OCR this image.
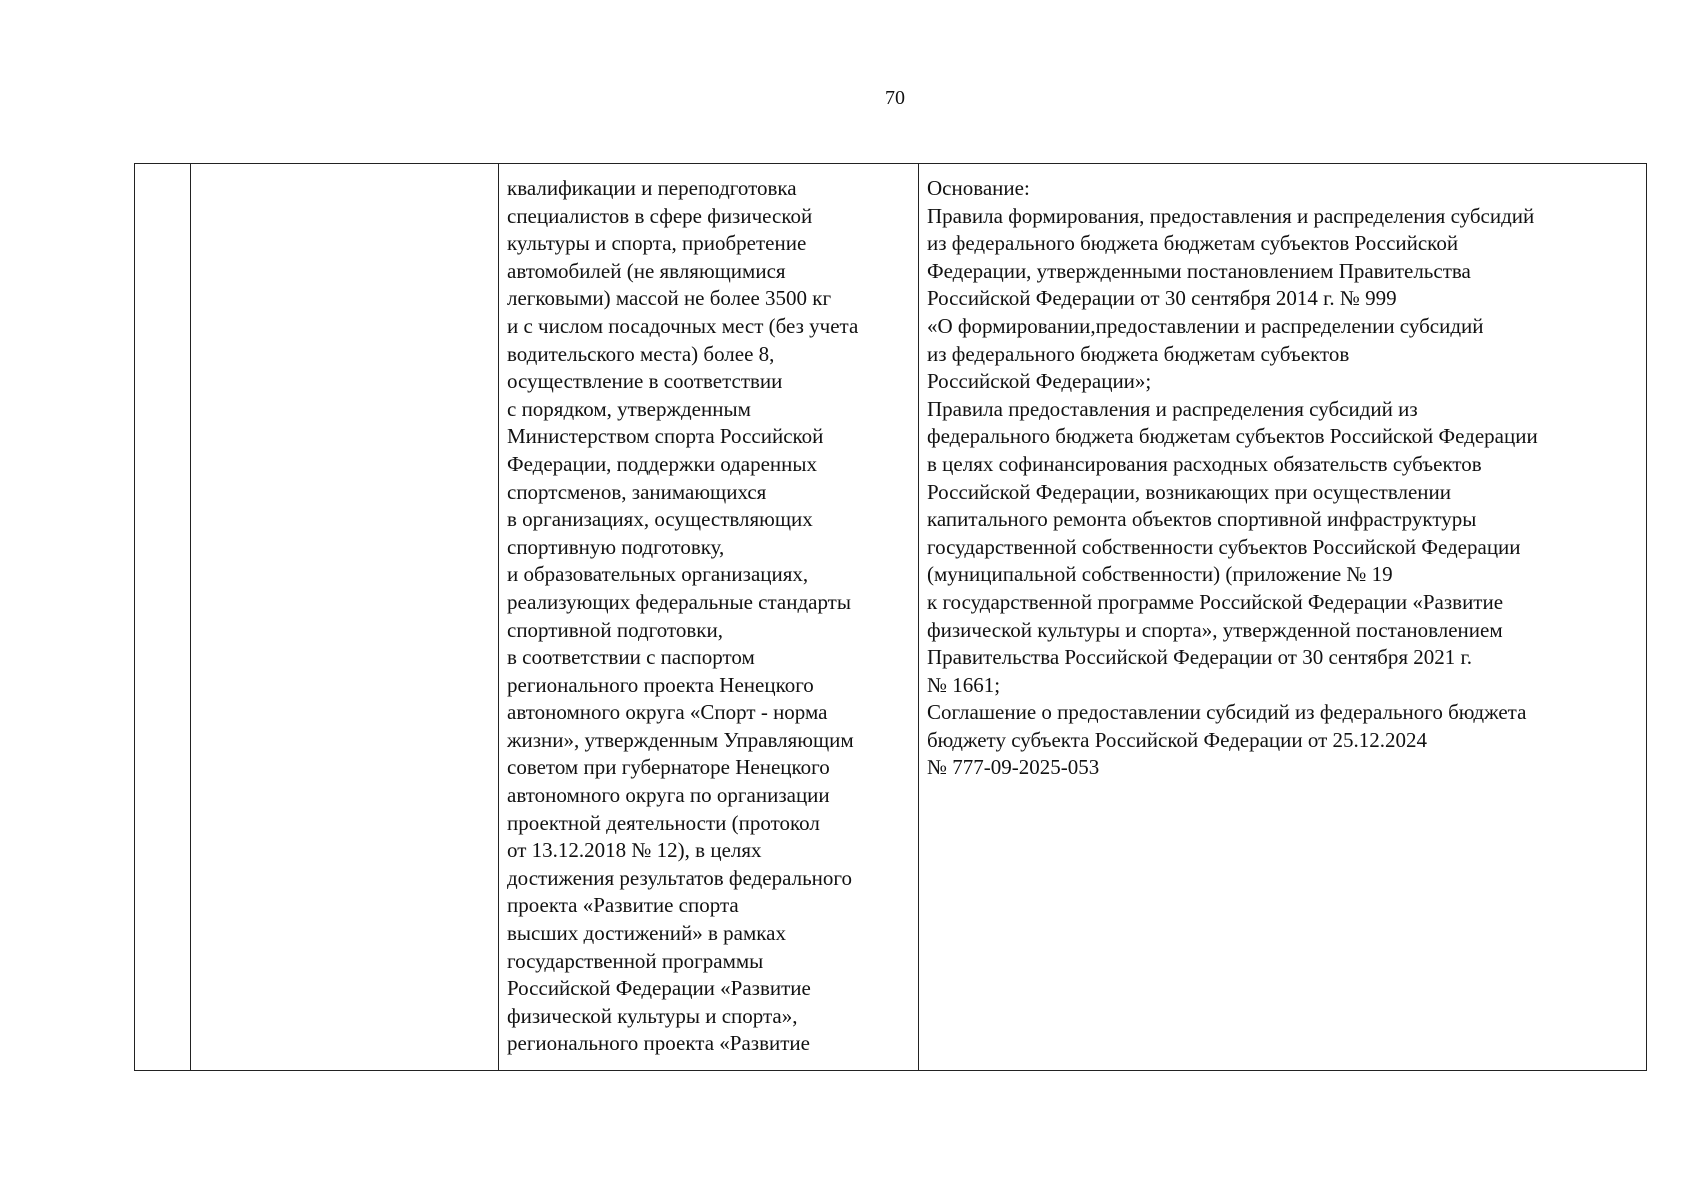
70

квалификации и переподготовка
специалистов в сфере физической
культуры и спорта, приобретение
автомобилей (не являющимися
легковыми) массой не более 3500 кг
и с числом посадочных мест (без учета
водительского места) более 8,
осуществление в соответствии
с порядком, утвержденным
Министерством спорта Российской
Федерации, поддержки одаренных
спортсменов, занимающихся
в организациях, осуществляющих
спортивную подготовку,
и образовательных организациях,
реализующих федеральные стандарты
спортивной подготовки,
в соответствии с паспортом
регионального проекта Ненецкого
автономного округа «Спорт - норма
жизни», утвержденным Управляющим
советом при губернаторе Ненецкого
автономного округа по организации
проектной деятельности (протокол
от 13.12.2018 № 12), в целях
достижения результатов федерального
проекта «Развитие спорта
высших достижений» в рамках
государственной программы
Российской Федерации «Развитие
физической культуры и спорта»,
регионального проекта «Развитие

Основание:
Правила формирования, предоставления и распределения субсидий
из федерального бюджета бюджетам субъектов Российской
Федерации, утвержденными постановлением Правительства
Российской Федерации от 30 сентября 2014 г. № 999
«О формировании,предоставлении и распределении субсидий
из федерального бюджета бюджетам субъектов
Российской Федерации»;
Правила предоставления и распределения субсидий из
федерального бюджета бюджетам субъектов Российской Федерации
в целях софинансирования расходных обязательств субъектов
Российской Федерации, возникающих при осуществлении
капитального ремонта объектов спортивной инфраструктуры
государственной собственности субъектов Российской Федерации
(муниципальной собственности) (приложение № 19
к государственной программе Российской Федерации «Развитие
физической культуры и спорта», утвержденной постановлением
Правительства Российской Федерации от 30 сентября 2021 г.
№ 1661;
Соглашение о предоставлении субсидий из федерального бюджета
бюджету субъекта Российской Федерации от 25.12.2024
№ 777-09-2025-053
